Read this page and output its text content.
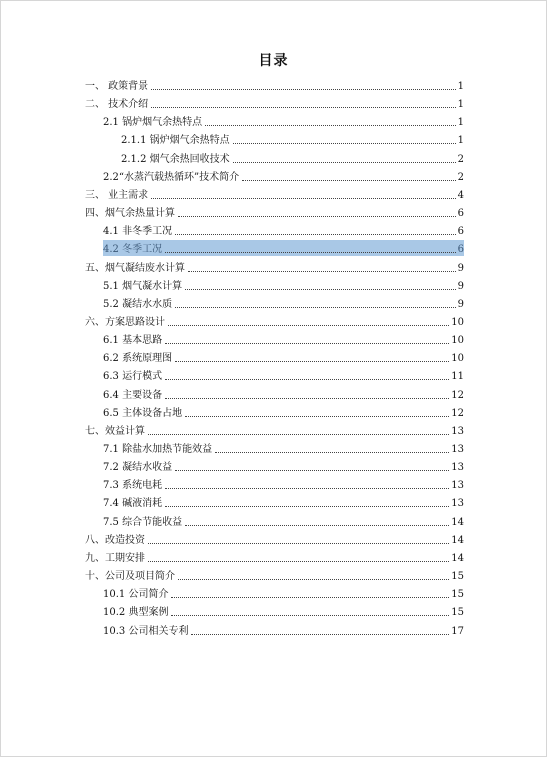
目录
一、 政策背景	1
二、 技术介绍	1
2.1 锅炉烟气余热特点	1
2.1.1 锅炉烟气余热特点	1
2.1.2 烟气余热回收技术	2
2.2“水蒸汽载热循环”技术简介	2
三、 业主需求	4
四、烟气余热量计算	6
4.1 非冬季工况	6
4.2 冬季工况	6
五、烟气凝结废水计算	9
5.1 烟气凝水计算	9
5.2 凝结水水质	9
六、方案思路设计	10
6.1 基本思路	10
6.2 系统原理图	10
6.3 运行模式	11
6.4 主要设备	12
6.5 主体设备占地	12
七、效益计算	13
7.1 除盐水加热节能效益	13
7.2 凝结水收益	13
7.3 系统电耗	13
7.4 碱液消耗	13
7.5 综合节能收益	14
八、改造投资	14
九、工期安排	14
十、公司及项目简介	15
10.1 公司简介	15
10.2 典型案例	15
10.3 公司相关专利	17
